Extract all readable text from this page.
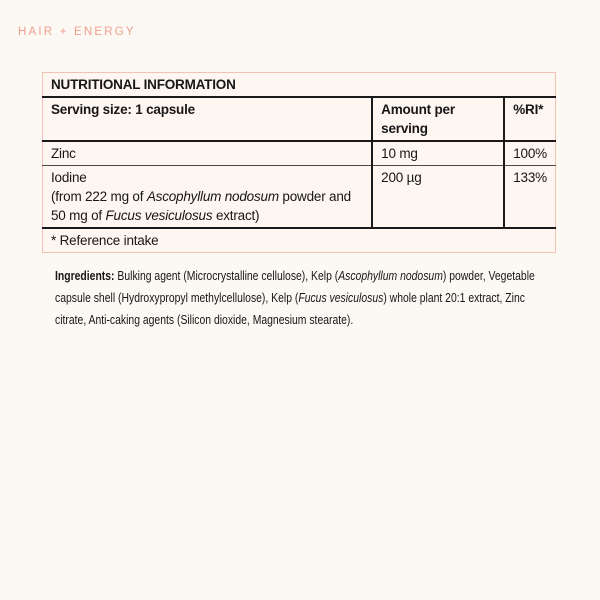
HAIR + ENERGY
NUTRITIONAL INFORMATION		
Serving size: 1 capsule	Amount per serving	%RI*
Zinc	10 mg	100%

Iodine
(from 222 mg of Ascophyllum nodosum powder and 50 mg of Fucus vesiculosus extract)	200 µg	133%
* Reference intake		

Ingredients: Bulking agent (Microcrystalline cellulose), Kelp (Ascophyllum nodosum) powder, Vegetable capsule shell (Hydroxypropyl methylcellulose), Kelp (Fucus vesiculosus) whole plant 20:1 extract, Zinc citrate, Anti-caking agents (Silicon dioxide, Magnesium stearate).
